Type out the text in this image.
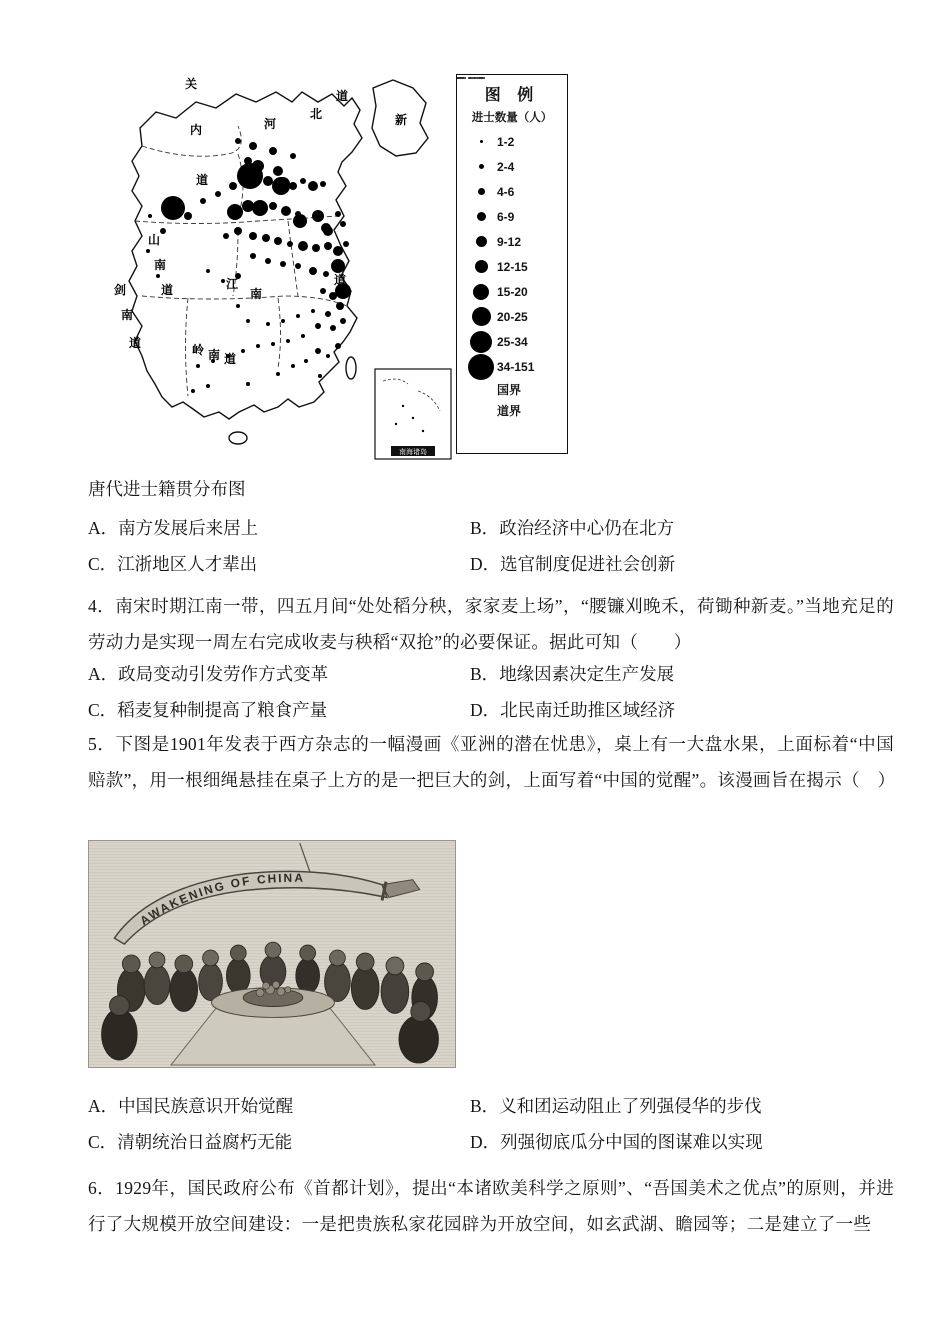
关
内
道
河
北
道
新
山
南
道
剑
南
道
江
南
道
岭 南 道
南海诸岛
图 例
进士数量（人）
1-2
2-4
4-6
6-9
9-12
12-15
15-20
20-25
25-34
34-151
国界
道界
唐代进士籍贯分布图
A．南方发展后来居上	B．政治经济中心仍在北方
C．江浙地区人才辈出	D．选官制度促进社会创新
4．南宋时期江南一带，四五月间“处处稻分秧，家家麦上场”，“腰镰刈晚禾，荷锄种新麦。”当地充足的劳动力是实现一周左右完成收麦与秧稻“双抢”的必要保证。据此可知（　　）
A．政局变动引发劳作方式变革	B．地缘因素决定生产发展
C．稻麦复种制提高了粮食产量	D．北民南迁助推区域经济
5．下图是1901年发表于西方杂志的一幅漫画《亚洲的潜在忧患》，桌上有一大盘水果，上面标着“中国赔款”，用一根细绳悬挂在桌子上方的是一把巨大的剑，上面写着“中国的觉醒”。该漫画旨在揭示（　）
AWAKENING OF CHINA
A．中国民族意识开始觉醒	B．义和团运动阻止了列强侵华的步伐
C．清朝统治日益腐朽无能	D．列强彻底瓜分中国的图谋难以实现
6．1929年，国民政府公布《首都计划》，提出“本诸欧美科学之原则”、“吾国美术之优点”的原则，并进行了大规模开放空间建设：一是把贵族私家花园辟为开放空间，如玄武湖、瞻园等；二是建立了一些
